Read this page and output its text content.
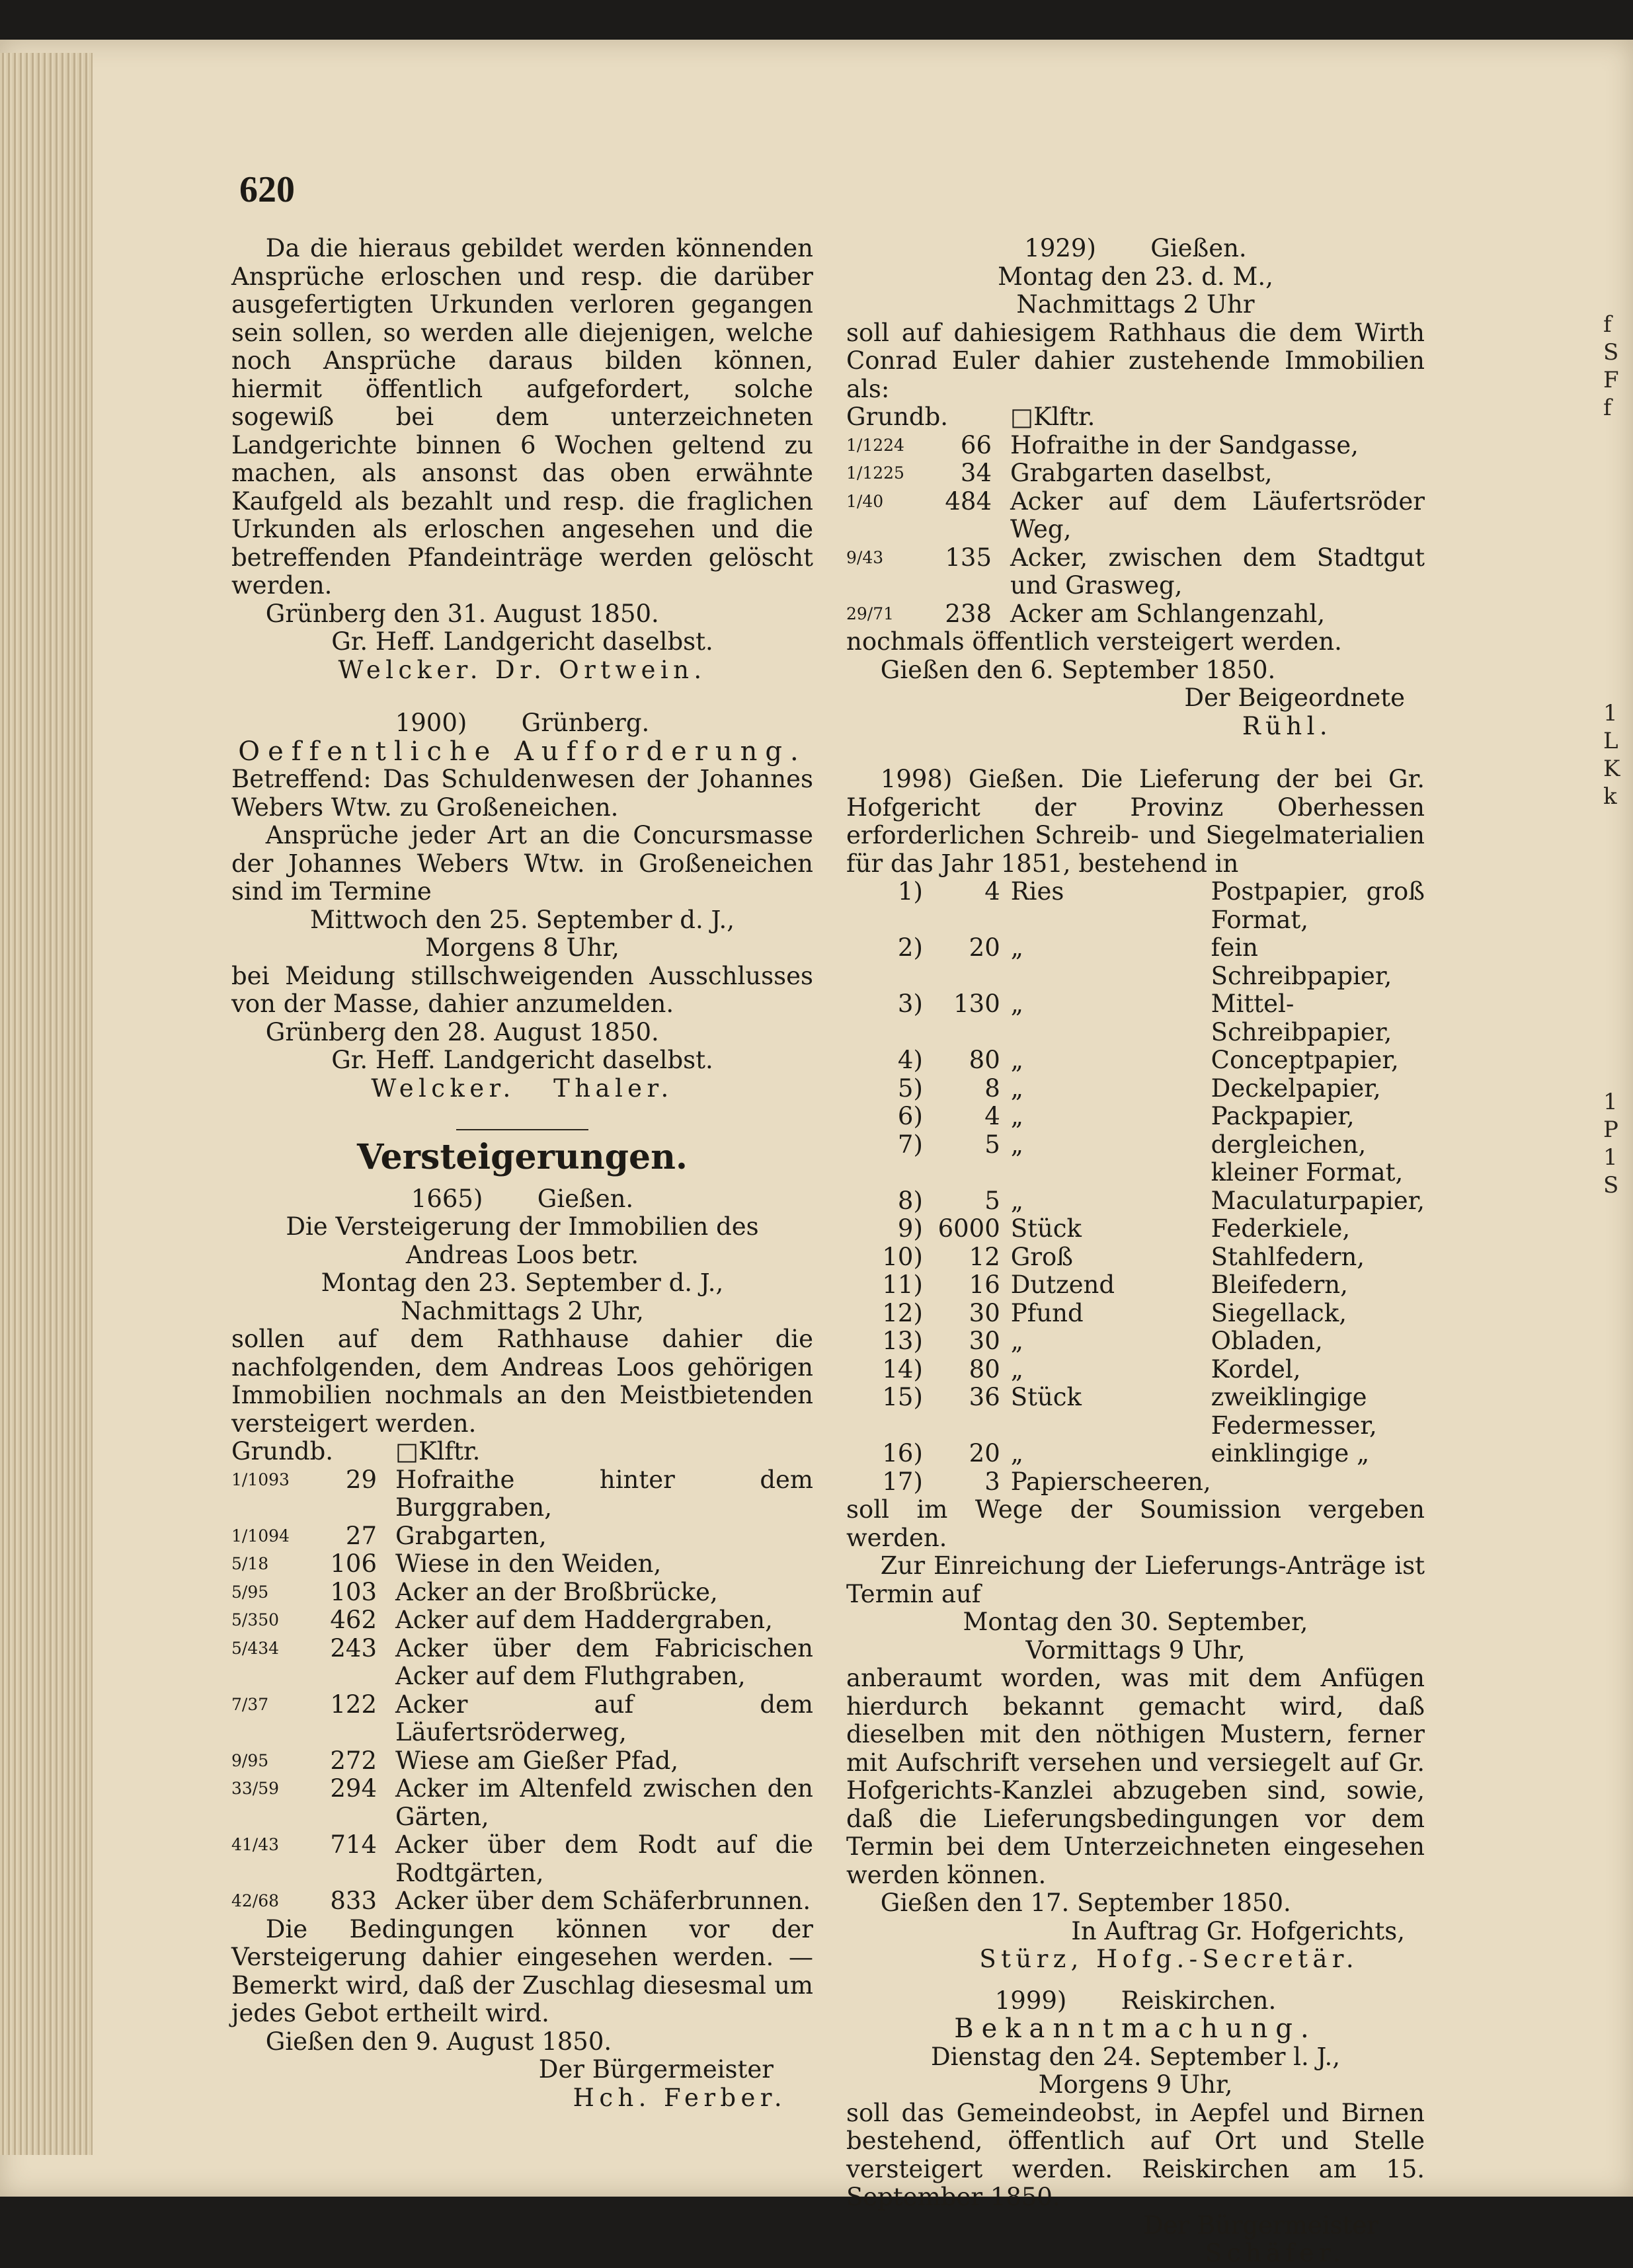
620
Da die hieraus gebildet werden könnenden Ansprüche erloschen und resp. die darüber ausgefertigten Urkunden verloren gegangen sein sollen, so werden alle diejenigen, welche noch Ansprüche daraus bilden können, hiermit öffentlich aufgefordert, solche sogewiß bei dem unterzeichneten Landgerichte binnen 6 Wochen geltend zu machen, als ansonst das oben erwähnte Kaufgeld als bezahlt und resp. die fraglichen Urkunden als erloschen angesehen und die betreffenden Pfandeinträge werden gelöscht werden.
Grünberg den 31. August 1850.
Gr. Heff. Landgericht daselbst.
Welcker. Dr. Ortwein.
1900)       Grünberg.
Oeffentliche Aufforderung.
Betreffend: Das Schuldenwesen der Johannes Webers Wtw. zu Großeneichen.
Ansprüche jeder Art an die Concursmasse der Johannes Webers Wtw. in Großeneichen sind im Termine
Mittwoch den 25. September d. J.,
Morgens 8 Uhr,
bei Meidung stillschweigenden Ausschlusses von der Masse, dahier anzumelden.
Grünberg den 28. August 1850.
Gr. Heff. Landgericht daselbst.
Welcker.   Thaler.
Versteigerungen.
1665)       Gießen.
Die Versteigerung der Immobilien des Andreas Loos betr.
Montag den 23. September d. J.,
Nachmittags 2 Uhr,
sollen auf dem Rathhause dahier die nachfolgenden, dem Andreas Loos gehörigen Immobilien nochmals an den Meistbietenden versteigert werden.
Grundb.		□Klftr.
1/1093	29	Hofraithe hinter dem Burggraben,
1/1094	27	Grabgarten,
5/18	106	Wiese in den Weiden,
5/95	103	Acker an der Broßbrücke,
5/350	462	Acker auf dem Haddergraben,
5/434	243	Acker über dem Fabricischen Acker auf dem Fluthgraben,
7/37	122	Acker auf dem Läufertsröderweg,
9/95	272	Wiese am Gießer Pfad,
33/59	294	Acker im Altenfeld zwischen den Gärten,
41/43	714	Acker über dem Rodt auf die Rodtgärten,
42/68	833	Acker über dem Schäferbrunnen.
Die Bedingungen können vor der Versteigerung dahier eingesehen werden. — Bemerkt wird, daß der Zuschlag diesesmal um jedes Gebot ertheilt wird.
Gießen den 9. August 1850.
Der Bürgermeister
Hch. Ferber.
1929)       Gießen.
Montag den 23. d. M.,
Nachmittags 2 Uhr
soll auf dahiesigem Rathhaus die dem Wirth Conrad Euler dahier zustehende Immobilien als:
Grundb.		□Klftr.
1/1224	66	Hofraithe in der Sandgasse,
1/1225	34	Grabgarten daselbst,
1/40	484	Acker auf dem Läufertsröder Weg,
9/43	135	Acker, zwischen dem Stadtgut und Grasweg,
29/71	238	Acker am Schlangenzahl,
nochmals öffentlich versteigert werden.
Gießen den 6. September 1850.
Der Beigeordnete
Rühl.
1998) Gießen. Die Lieferung der bei Gr. Hofgericht der Provinz Oberhessen erforderlichen Schreib- und Siegelmaterialien für das Jahr 1851, bestehend in
1)	4	Ries	Postpapier, groß Format,
2)	20	„	fein Schreibpapier,
3)	130	„	Mittel-Schreibpapier,
4)	80	„	Conceptpapier,
5)	8	„	Deckelpapier,
6)	4	„	Packpapier,
7)	5	„	dergleichen, kleiner Format,
8)	5	„	Maculaturpapier,
9)	6000	Stück	Federkiele,
10)	12	Groß	Stahlfedern,
11)	16	Dutzend	Bleifedern,
12)	30	Pfund	Siegellack,
13)	30	„	Obladen,
14)	80	„	Kordel,
15)	36	Stück	zweiklingige Federmesser,
16)	20	„	einklingige „
17)	3	Papierscheeren,	
soll im Wege der Soumission vergeben werden.
Zur Einreichung der Lieferungs-Anträge ist Termin auf
Montag den 30. September,
Vormittags 9 Uhr,
anberaumt worden, was mit dem Anfügen hierdurch bekannt gemacht wird, daß dieselben mit den nöthigen Mustern, ferner mit Aufschrift versehen und versiegelt auf Gr. Hofgerichts-Kanzlei abzugeben sind, sowie, daß die Lieferungsbedingungen vor dem Termin bei dem Unterzeichneten eingesehen werden können.
Gießen den 17. September 1850.
In Auftrag Gr. Hofgerichts,
Stürz, Hofg.-Secretär.
1999)       Reiskirchen.
Bekanntmachung.
Dienstag den 24. September l. J.,
Morgens 9 Uhr,
soll das Gemeindeobst, in Aepfel und Birnen bestehend, öffentlich auf Ort und Stelle versteigert werden. Reiskirchen am 15. September 1850.
Der Bürgermeister
Schäfer.
f
S
F
f
1
L
K
k
1
P
1
S
